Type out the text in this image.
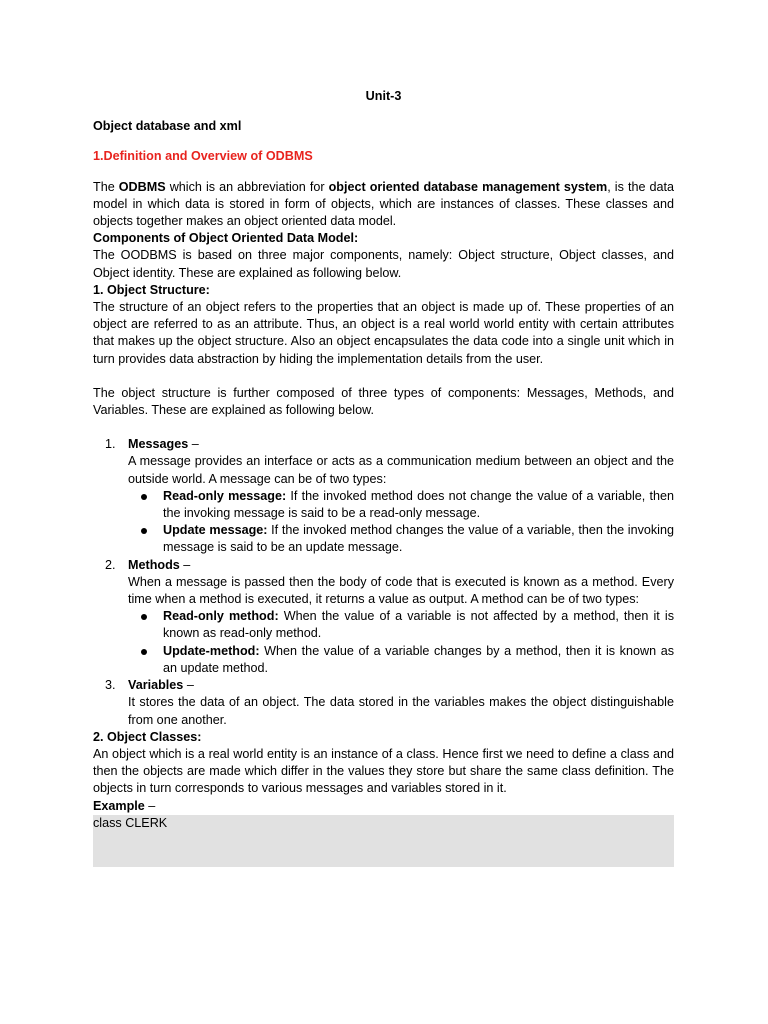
Unit-3

Object database and xml

1.Definition and Overview of ODBMS

The ODBMS which is an abbreviation for object oriented database management system, is the data model in which data is stored in form of objects, which are instances of classes. These classes and objects together makes an object oriented data model.

Components of Object Oriented Data Model:

The OODBMS is based on three major components, namely: Object structure, Object classes, and Object identity. These are explained as following below.

1. Object Structure:

The structure of an object refers to the properties that an object is made up of. These properties of an object are referred to as an attribute. Thus, an object is a real world world entity with certain attributes that makes up the object structure. Also an object encapsulates the data code into a single unit which in turn provides data abstraction by hiding the implementation details from the user.

The object structure is further composed of three types of components: Messages, Methods, and Variables. These are explained as following below.

1. Messages –

A message provides an interface or acts as a communication medium between an object and the outside world. A message can be of two types:

Read-only message: If the invoked method does not change the value of a variable, then the invoking message is said to be a read-only message.

Update message: If the invoked method changes the value of a variable, then the invoking message is said to be an update message.

2. Methods –

When a message is passed then the body of code that is executed is known as a method. Every time when a method is executed, it returns a value as output. A method can be of two types:

Read-only method: When the value of a variable is not affected by a method, then it is known as read-only method.

Update-method: When the value of a variable changes by a method, then it is known as an update method.

3. Variables –

It stores the data of an object. The data stored in the variables makes the object distinguishable from one another.

2. Object Classes:

An object which is a real world entity is an instance of a class. Hence first we need to define a class and then the objects are made which differ in the values they store but share the same class definition. The objects in turn corresponds to various messages and variables stored in it.

Example –

class CLERK
